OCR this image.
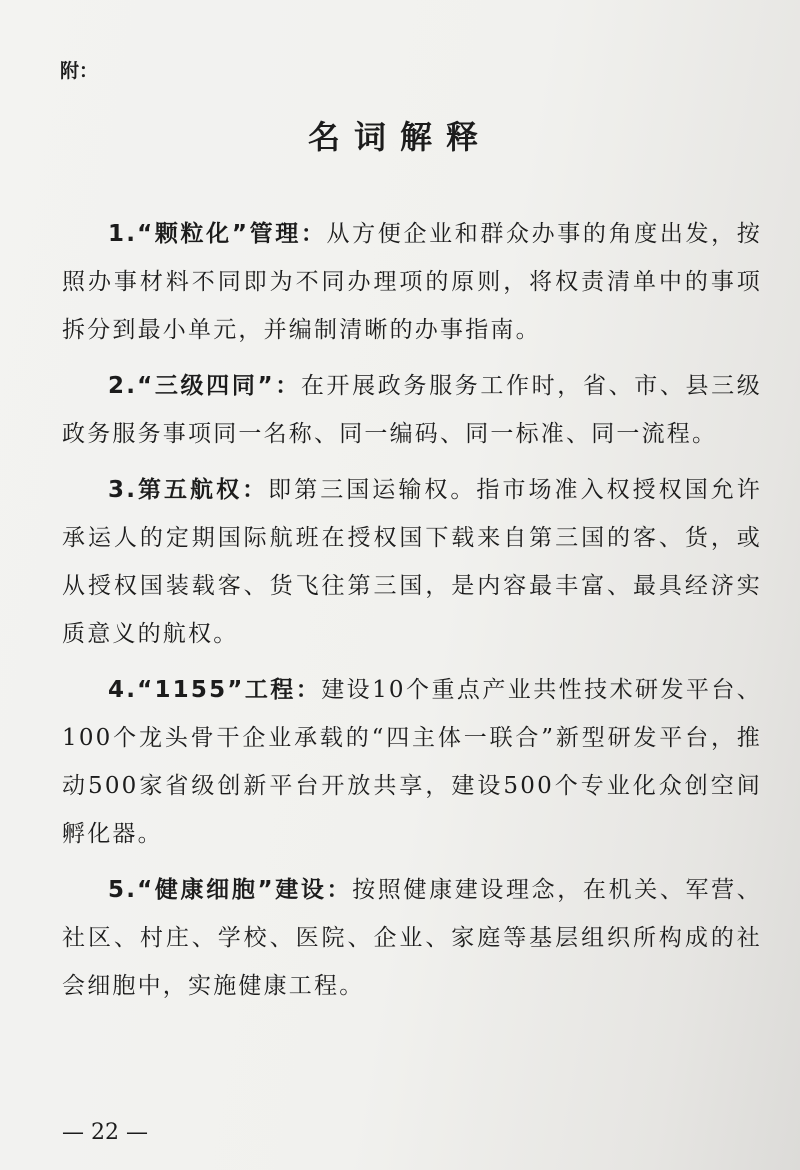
附：

名词解释

1.“颗粒化”管理：从方便企业和群众办事的角度出发，按照办事材料不同即为不同办理项的原则，将权责清单中的事项拆分到最小单元，并编制清晰的办事指南。

2.“三级四同”：在开展政务服务工作时，省、市、县三级政务服务事项同一名称、同一编码、同一标准、同一流程。

3.第五航权：即第三国运输权。指市场准入权授权国允许承运人的定期国际航班在授权国下载来自第三国的客、货，或从授权国装载客、货飞往第三国，是内容最丰富、最具经济实质意义的航权。

4.“1155”工程：建设10个重点产业共性技术研发平台、100个龙头骨干企业承载的“四主体一联合”新型研发平台，推动500家省级创新平台开放共享，建设500个专业化众创空间孵化器。

5.“健康细胞”建设：按照健康建设理念，在机关、军营、社区、村庄、学校、医院、企业、家庭等基层组织所构成的社会细胞中，实施健康工程。

— 22 —
